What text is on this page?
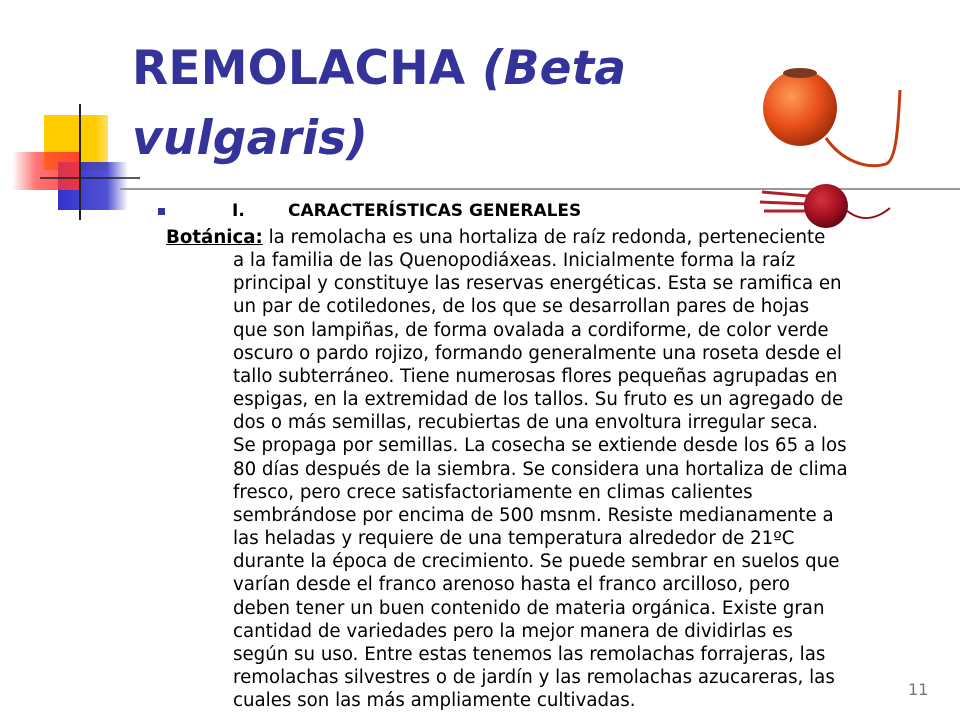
REMOLACHA (Beta
vulgaris)
I.	CARACTERÍSTICAS GENERALES
Botánica: la remolacha es una hortaliza de raíz redonda, perteneciente
a la familia de las Quenopodiáxeas. Inicialmente forma la raíz
principal y constituye las reservas energéticas. Esta se ramifica en
un par de cotiledones, de los que se desarrollan pares de hojas
que son lampiñas, de forma ovalada a cordiforme, de color verde
oscuro o pardo rojizo, formando generalmente una roseta desde el
tallo subterráneo. Tiene numerosas flores pequeñas agrupadas en
espigas, en la extremidad de los tallos. Su fruto es un agregado de
dos o más semillas, recubiertas de una envoltura irregular seca.
Se propaga por semillas. La cosecha se extiende desde los 65 a los
80 días después de la siembra. Se considera una hortaliza de clima
fresco, pero crece satisfactoriamente en climas calientes
sembrándose por encima de 500 msnm. Resiste medianamente a
las heladas y requiere de una temperatura alrededor de 21ºC
durante la época de crecimiento. Se puede sembrar en suelos que
varían desde el franco arenoso hasta el franco arcilloso, pero
deben tener un buen contenido de materia orgánica. Existe gran
cantidad de variedades pero la mejor manera de dividirlas es
según su uso. Entre estas tenemos las remolachas forrajeras, las
remolachas silvestres o de jardín y las remolachas azucareras, las
cuales son las más ampliamente cultivadas.
11
